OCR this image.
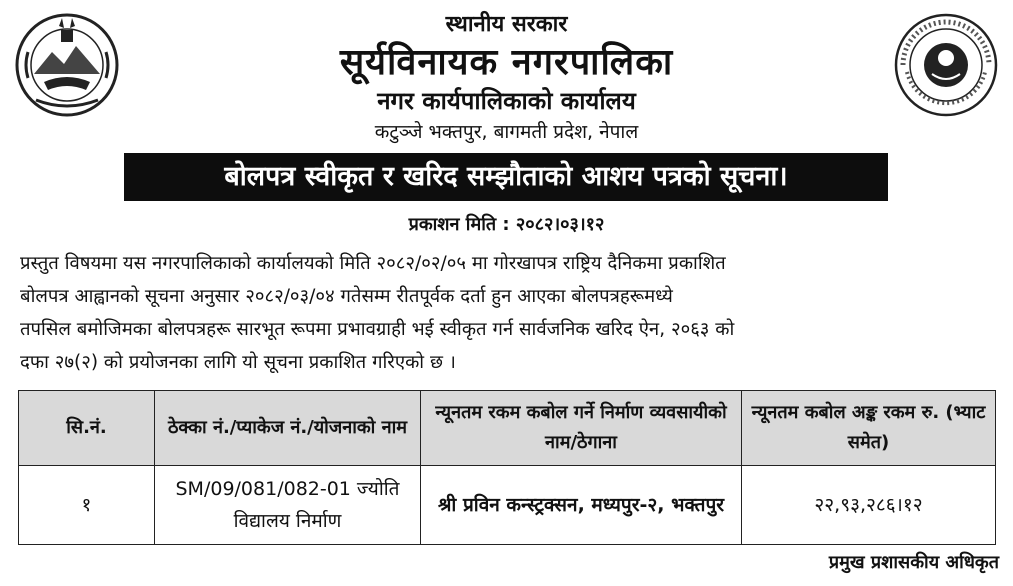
स्थानीय सरकार
सूर्यविनायक नगरपालिका
नगर कार्यपालिकाको कार्यालय
कटुञ्जे भक्तपुर, बागमती प्रदेश, नेपाल
बोलपत्र स्वीकृत र खरिद सम्झौताको आशय पत्रको सूचना।
प्रकाशन मिति : २०८२।०३।१२
प्रस्तुत विषयमा यस नगरपालिकाको कार्यालयको मिति २०८२/०२/०५ मा गोरखापत्र राष्ट्रिय दैनिकमा प्रकाशित
बोलपत्र आह्वानको सूचना अनुसार २०८२/०३/०४ गतेसम्म रीतपूर्वक दर्ता हुन आएका बोलपत्रहरूमध्ये
तपसिल बमोजिमका बोलपत्रहरू सारभूत रूपमा प्रभावग्राही भई स्वीकृत गर्न सार्वजनिक खरिद ऐन, २०६३ को
दफा २७(२) को प्रयोजनका लागि यो सूचना प्रकाशित गरिएको छ ।
सि.नं.	ठेक्का नं./प्याकेज नं./योजनाको नाम	न्यूनतम रकम कबोल गर्ने निर्माण व्यवसायीको नाम/ठेगाना	न्यूनतम कबोल अङ्क रकम रु. (भ्याट समेत)
१	SM/09/081/082-01 ज्योति विद्यालय निर्माण	श्री प्रविन कन्स्ट्रक्सन, मध्यपुर-२, भक्तपुर	२२,९३,२८६।१२
प्रमुख प्रशासकीय अधिकृत
